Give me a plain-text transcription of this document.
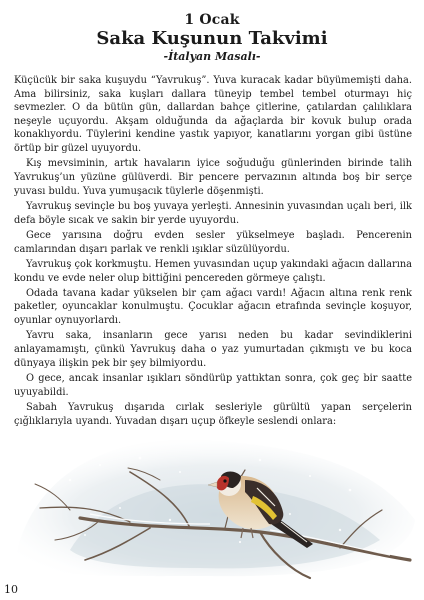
1 Ocak
Saka Kuşunun Takvimi
-İtalyan Masalı-

Küçücük bir saka kuşuydu “Yavrukuş”. Yuva kuracak kadar büyümemişti daha. Ama bilirsiniz, saka kuşları dallara tüneyip tembel tembel oturmayı hiç sevmezler. O da bütün gün, dallardan bahçe çitlerine, çatılardan çalılıklara neşeyle uçuyordu. Akşam olduğunda da ağaçlarda bir kovuk bulup orada konaklıyordu. Tüylerini kendine yastık yapıyor, kanatlarını yorgan gibi üstüne örtüp bir güzel uyuyordu.

Kış mevsiminin, artık havaların iyice soğuduğu günlerinden birinde talih Yavrukuş’un yüzüne gülüverdi. Bir pencere pervazının altında boş bir serçe yuvası buldu. Yuva yumuşacık tüylerle döşenmişti.

Yavrukuş sevinçle bu boş yuvaya yerleşti. Annesinin yuvasından uçalı beri, ilk defa böyle sıcak ve sakin bir yerde uyuyordu.

Gece yarısına doğru evden sesler yükselmeye başladı. Pencerenin camlarından dışarı parlak ve renkli ışıklar süzülüyordu.

Yavrukuş çok korkmuştu. Hemen yuvasından uçup yakındaki ağacın dallarına kondu ve evde neler olup bittiğini pencereden görmeye çalıştı.

Odada tavana kadar yükselen bir çam ağacı vardı! Ağacın altına renk renk paketler, oyuncaklar konulmuştu. Çocuklar ağacın etrafında sevinçle koşuyor, oyunlar oynuyorlardı.

Yavru saka, insanların gece yarısı neden bu kadar sevindiklerini anlayamamıştı, çünkü Yavrukuş daha o yaz yumurtadan çıkmıştı ve bu koca dünyaya ilişkin pek bir şey bilmiyordu.

O gece, ancak insanlar ışıkları söndürüp yattıktan sonra, çok geç bir saatte uyuyabildi.

Sabah Yavrukuş dışarıda cırlak sesleriyle gürültü yapan serçelerin çığlıklarıyla uyandı. Yuvadan dışarı uçup öfkeyle seslendi onlara:

10
